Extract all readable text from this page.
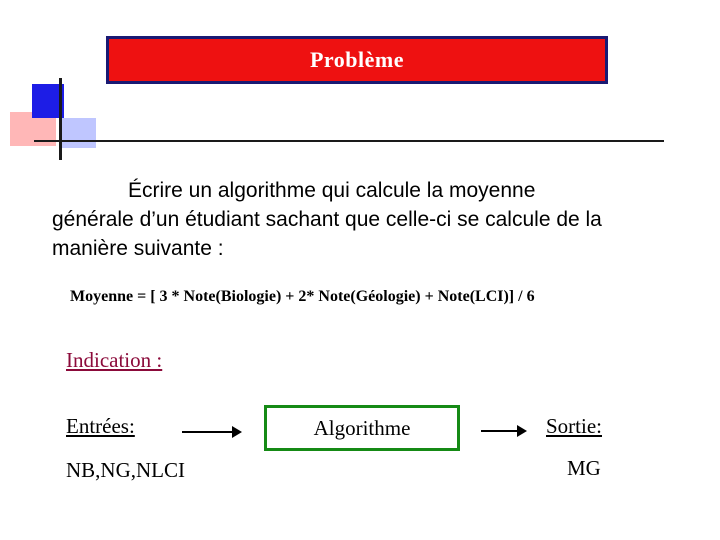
Problème
Écrire un algorithme qui calcule la moyenne
générale d’un étudiant sachant que celle-ci se calcule de la
manière suivante :
Moyenne = [ 3 * Note(Biologie) + 2* Note(Géologie) + Note(LCI)] / 6
Indication :
Entrées:	Algorithme	Sortie:
NB,NG,NLCI	MG
